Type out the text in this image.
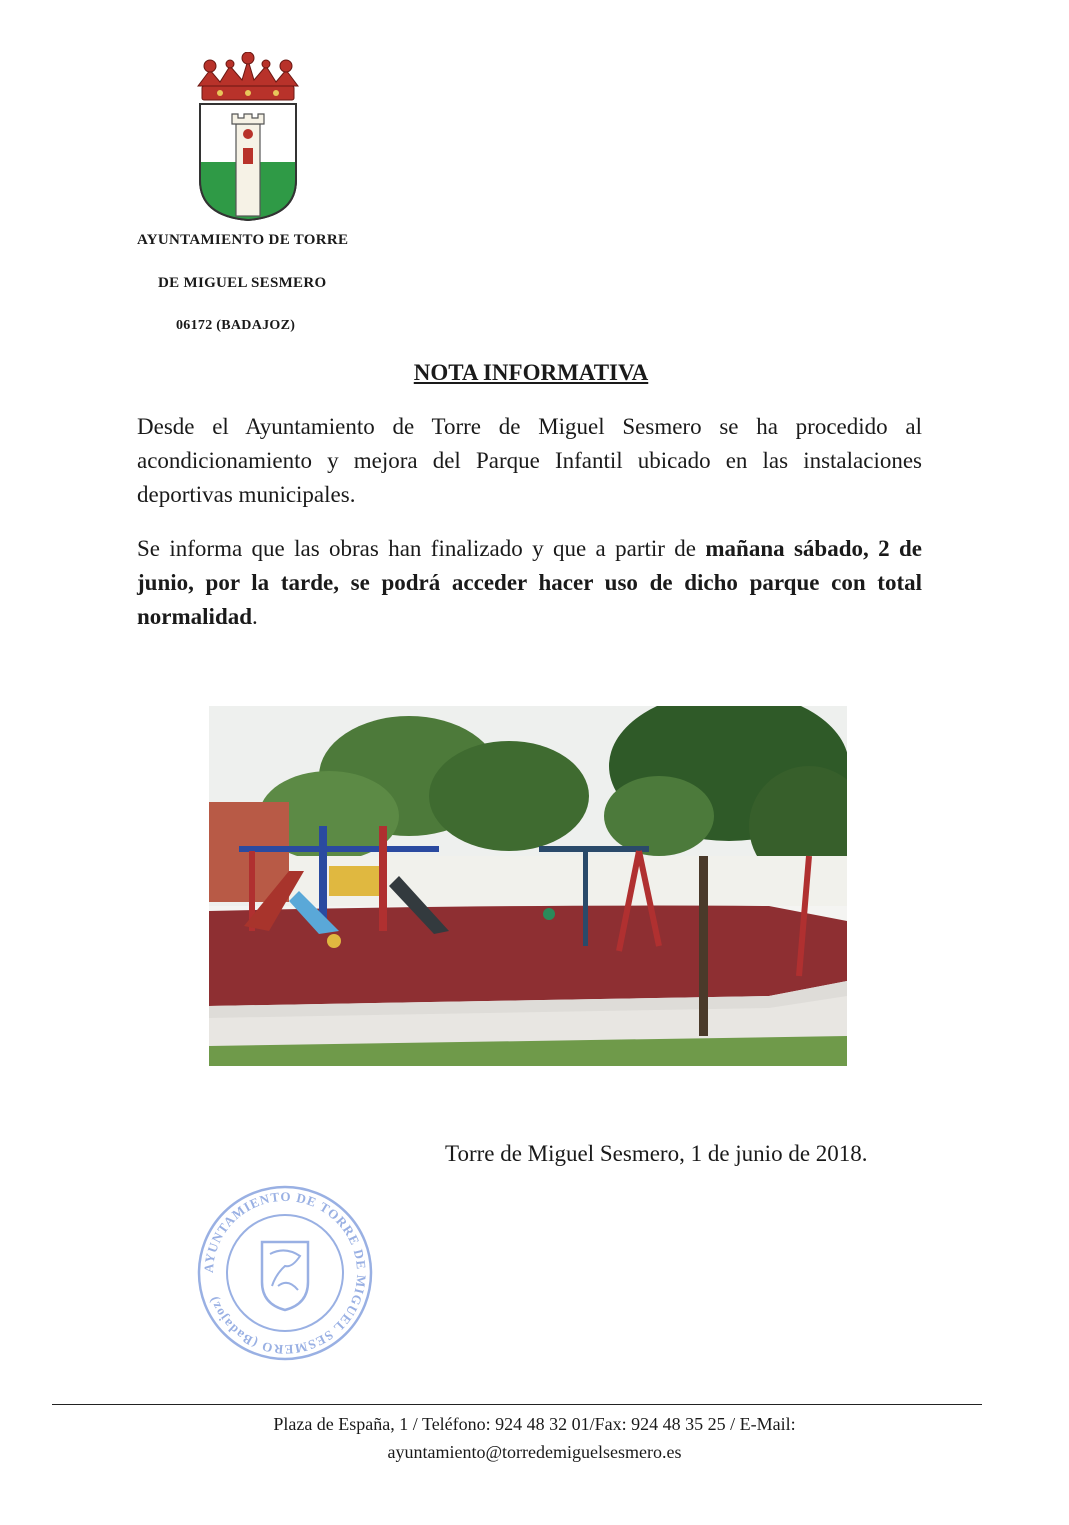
AYUNTAMIENTO DE TORRE
DE MIGUEL SESMERO
06172 (BADAJOZ)
NOTA INFORMATIVA
Desde el Ayuntamiento de Torre de Miguel Sesmero se ha procedido al acondicionamiento y mejora del Parque Infantil ubicado en las instalaciones deportivas municipales.
Se informa que las obras han finalizado y que a partir de mañana sábado, 2 de junio, por la tarde, se podrá acceder hacer uso de dicho parque con total normalidad.
Torre de Miguel Sesmero, 1 de junio de 2018.
AYUNTAMIENTO DE TORRE DE MIGUEL SESMERO (Badajoz)
Plaza de España, 1 / Teléfono: 924 48 32 01/Fax: 924 48 35 25 / E-Mail:
ayuntamiento@torredemiguelsesmero.es
